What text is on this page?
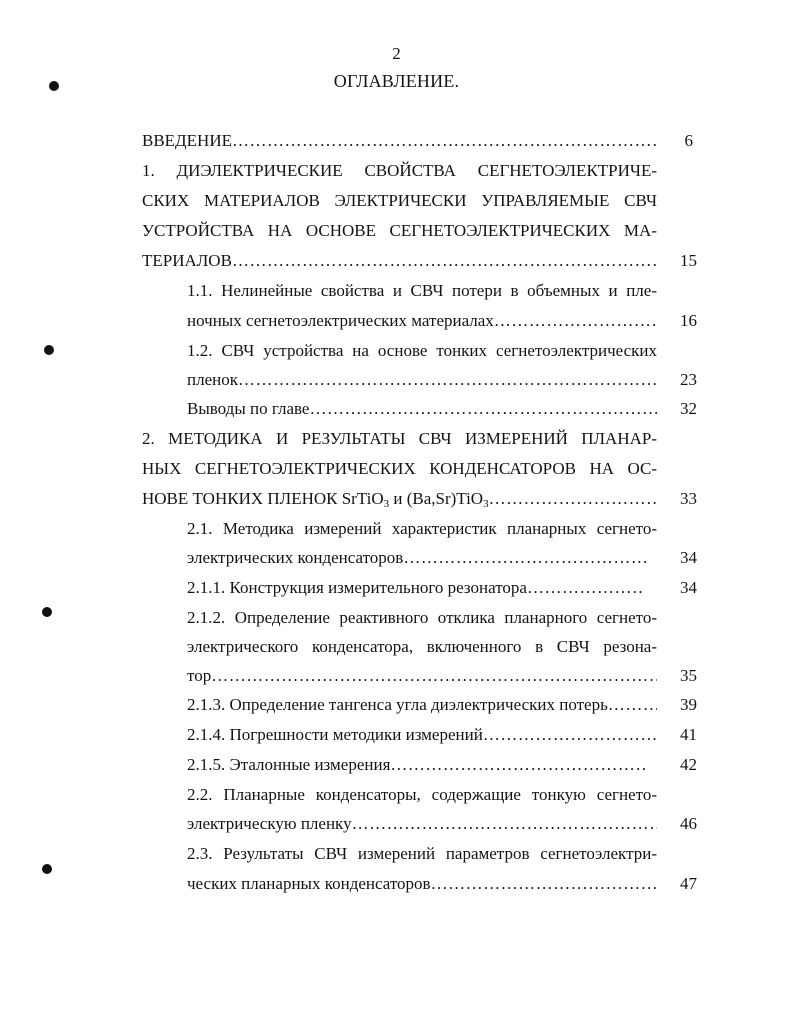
2
ОГЛАВЛЕНИЕ.
ВВЕДЕНИЕ ……………………………………………………………………………………………………………………………………………………	6
1. ДИЭЛЕКТРИЧЕСКИЕ СВОЙСТВА СЕГНЕТОЭЛЕКТРИЧЕ-
СКИХ МАТЕРИАЛОВ ЭЛЕКТРИЧЕСКИ УПРАВЛЯЕМЫЕ СВЧ
УСТРОЙСТВА НА ОСНОВЕ СЕГНЕТОЭЛЕКТРИЧЕСКИХ МА-
ТЕРИАЛОВ ……………………………………………………………………………………………………………………………………………………	15
1.1. Нелинейные свойства и СВЧ потери в объемных и пле-
ночных сегнетоэлектрических материалах ……………………………………………………………………………………………………………………………………………………	16
1.2. СВЧ устройства на основе тонких сегнетоэлектрических
пленок ……………………………………………………………………………………………………………………………………………………	23
Выводы по главе ……………………………………………………………………………………………………………………………………………………	32
2. МЕТОДИКА И РЕЗУЛЬТАТЫ СВЧ ИЗМЕРЕНИЙ ПЛАНАР-
НЫХ СЕГНЕТОЭЛЕКТРИЧЕСКИХ КОНДЕНСАТОРОВ НА ОС-
НОВЕ ТОНКИХ ПЛЕНОК SrTiO$_3$ и (Ba,Sr)TiO$_3$ ……………………………………………………………………………………………………………………………………………………	33
2.1. Методика измерений характеристик планарных сегнето-
электрических конденсаторов ……………………………………………………………………………………………………………………………………………………	34
2.1.1. Конструкция измерительного резонатора ……………………………………………………………………………………………………………………………………………………	34
2.1.2. Определение реактивного отклика планарного сегнето-
электрического конденсатора, включенного в СВЧ резона-
тор ……………………………………………………………………………………………………………………………………………………	35
2.1.3. Определение тангенса угла диэлектрических потерь ……………………………………………………………………………………………………………………………………………………	39
2.1.4. Погрешности методики измерений ……………………………………………………………………………………………………………………………………………………	41
2.1.5. Эталонные измерения ……………………………………………………………………………………………………………………………………………………	42
2.2. Планарные конденсаторы, содержащие тонкую сегнето-
электрическую пленку ……………………………………………………………………………………………………………………………………………………	46
2.3. Результаты СВЧ измерений параметров сегнетоэлектри-
ческих планарных конденсаторов ……………………………………………………………………………………………………………………………………………………	47
